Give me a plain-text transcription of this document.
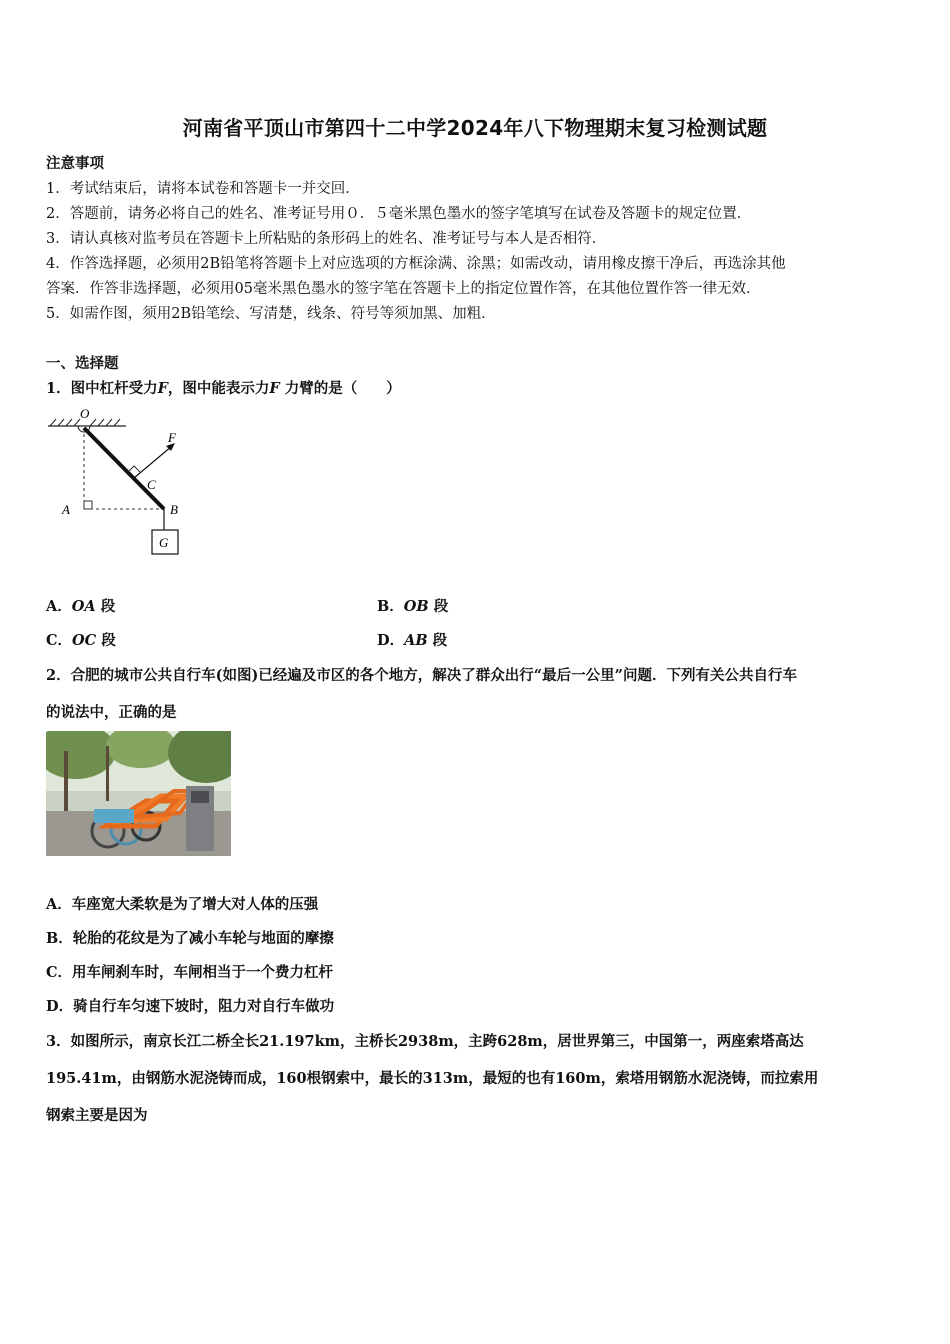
河南省平顶山市第四十二中学2024年八下物理期末复习检测试题
注意事项
1．考试结束后，请将本试卷和答题卡一并交回．
2．答题前，请务必将自己的姓名、准考证号用０．５毫米黑色墨水的签字笔填写在试卷及答题卡的规定位置．
3．请认真核对监考员在答题卡上所粘贴的条形码上的姓名、准考证号与本人是否相符．
4．作答选择题，必须用2B铅笔将答题卡上对应选项的方框涂满、涂黑；如需改动，请用橡皮擦干净后，再选涂其他
答案．作答非选择题，必须用05毫米黑色墨水的签字笔在答题卡上的指定位置作答，在其他位置作答一律无效．
5．如需作图，须用2B铅笔绘、写清楚，线条、符号等须加黑、加粗．
一、选择题
1．图中杠杆受力F，图中能表示力F 力臂的是（　　）
O
A	B
F
C
G
A．OA 段	B．OB 段
C．OC 段	D．AB 段
2．合肥的城市公共自行车(如图)已经遍及市区的各个地方，解决了群众出行“最后一公里”问题．下列有关公共自行车
的说法中，正确的是
A．车座宽大柔软是为了增大对人体的压强
B．轮胎的花纹是为了减小车轮与地面的摩擦
C．用车闸刹车时，车闸相当于一个费力杠杆
D．骑自行车匀速下坡时，阻力对自行车做功
3．如图所示，南京长江二桥全长21.197km，主桥长2938m，主跨628m，居世界第三，中国第一，两座索塔高达
195.41m，由钢筋水泥浇铸而成，160根钢索中，最长的313m，最短的也有160m，索塔用钢筋水泥浇铸，而拉索用
钢索主要是因为
